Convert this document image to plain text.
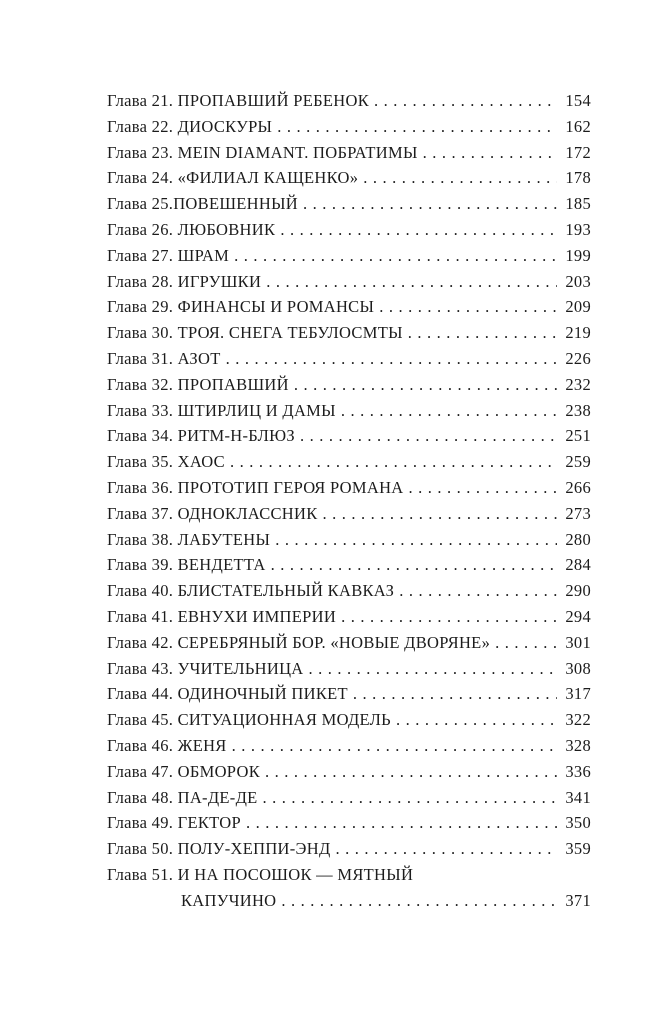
Глава 21. ПРОПАВШИЙ РЕБЕНОК .....	154
Глава 22. ДИОСКУРЫ .....	162
Глава 23. MEIN DIAMANT. ПОБРАТИМЫ .....	172
Глава 24. «ФИЛИАЛ КАЩЕНКО» .....	178
Глава 25.ПОВЕШЕННЫЙ .....	185
Глава 26. ЛЮБОВНИК .....	193
Глава 27. ШРАМ .....	199
Глава 28. ИГРУШКИ .....	203
Глава 29. ФИНАНСЫ И РОМАНСЫ .....	209
Глава 30. ТРОЯ. СНЕГА ТЕБУЛОСМТЫ .....	219
Глава 31. АЗОТ .....	226
Глава 32. ПРОПАВШИЙ .....	232
Глава 33. ШТИРЛИЦ И ДАМЫ .....	238
Глава 34. РИТМ-Н-БЛЮЗ .....	251
Глава 35. ХАОС .....	259
Глава 36. ПРОТОТИП ГЕРОЯ РОМАНА .....	266
Глава 37. ОДНОКЛАССНИК .....	273
Глава 38. ЛАБУТЕНЫ .....	280
Глава 39. ВЕНДЕТТА .....	284
Глава 40. БЛИСТАТЕЛЬНЫЙ КАВКАЗ .....	290
Глава 41. ЕВНУХИ ИМПЕРИИ .....	294
Глава 42. СЕРЕБРЯНЫЙ БОР. «НОВЫЕ ДВОРЯНЕ» .....	301
Глава 43. УЧИТЕЛЬНИЦА .....	308
Глава 44. ОДИНОЧНЫЙ ПИКЕТ .....	317
Глава 45. СИТУАЦИОННАЯ МОДЕЛЬ .....	322
Глава 46. ЖЕНЯ .....	328
Глава 47. ОБМОРОК .....	336
Глава 48. ПА-ДЕ-ДЕ .....	341
Глава 49. ГЕКТОР .....	350
Глава 50. ПОЛУ-ХЕППИ-ЭНД .....	359
Глава 51. И НА ПОСОШОК — МЯТНЫЙ
КАПУЧИНО .....	371
